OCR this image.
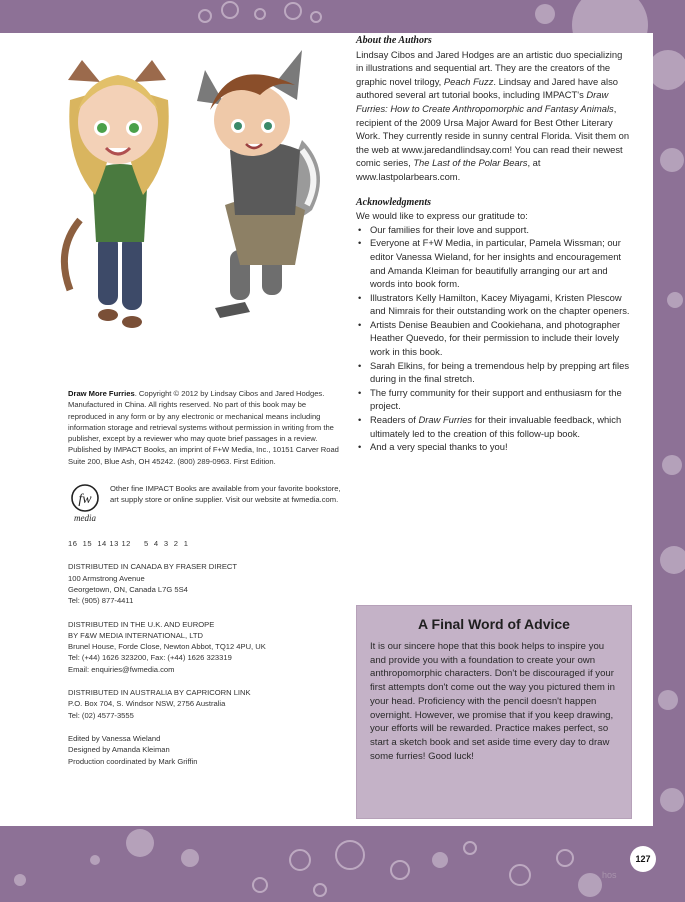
About the Authors

Lindsay Cibos and Jared Hodges are an artistic duo specializing in illustrations and sequential art. They are the creators of the graphic novel trilogy, Peach Fuzz. Lindsay and Jared have also authored several art tutorial books, including IMPACT's Draw Furries: How to Create Anthropomorphic and Fantasy Animals, recipient of the 2009 Ursa Major Award for Best Other Literary Work. They currently reside in sunny central Florida. Visit them on the web at www.jaredandlindsay.com! You can read their newest comic series, The Last of the Polar Bears, at www.lastpolarbears.com.

Acknowledgments
We would like to express our gratitude to:
• Our families for their love and support.
• Everyone at F+W Media, in particular, Pamela Wissman; our editor Vanessa Wieland, for her insights and encouragement and Amanda Kleiman for beautifully arranging our art and words into book form.
• Illustrators Kelly Hamilton, Kacey Miyagami, Kristen Plescow and Nimrais for their outstanding work on the chapter openers.
• Artists Denise Beaubien and Cookiehana, and photographer Heather Quevedo, for their permission to include their lovely work in this book.
• Sarah Elkins, for being a tremendous help by prepping art files during in the final stretch.
• The furry community for their support and enthusiasm for the project.
• Readers of Draw Furries for their invaluable feedback, which ultimately led to the creation of this follow-up book.
• And a very special thanks to you!
Draw More Furries. Copyright © 2012 by Lindsay Cibos and Jared Hodges. Manufactured in China. All rights reserved. No part of this book may be reproduced in any form or by any electronic or mechanical means including information storage and retrieval systems without permission in writing from the publisher, except by a reviewer who may quote brief passages in a review. Published by IMPACT Books, an imprint of F+W Media, Inc., 10151 Carver Road Suite 200, Blue Ash, OH 45242. (800) 289-0963. First Edition.
fw
media
Other fine IMPACT Books are available from your favorite bookstore, art supply store or online supplier. Visit our website at fwmedia.com.
16  15  14 13 12     5  4  3  2  1
DISTRIBUTED IN CANADA BY FRASER DIRECT
100 Armstrong Avenue
Georgetown, ON, Canada L7G 5S4
Tel: (905) 877-4411
DISTRIBUTED IN THE U.K. AND EUROPE
BY F&W MEDIA INTERNATIONAL, LTD
Brunel House, Forde Close, Newton Abbot, TQ12 4PU, UK
Tel: (+44) 1626 323200, Fax: (+44) 1626 323319
Email: enquiries@fwmedia.com
DISTRIBUTED IN AUSTRALIA BY CAPRICORN LINK
P.O. Box 704, S. Windsor NSW, 2756 Australia
Tel: (02) 4577-3555
Edited by Vanessa Wieland
Designed by Amanda Kleiman
Production coordinated by Mark Griffin
A Final Word of Advice

It is our sincere hope that this book helps to inspire you and provide you with a foundation to create your own anthropomorphic characters. Don't be discouraged if your first attempts don't come out the way you pictured them in your head. Proficiency with the pencil doesn't happen overnight. However, we promise that if you keep drawing, your efforts will be rewarded. Practice makes perfect, so start a sketch book and set aside time every day to draw some furries! Good luck!

127
hos
